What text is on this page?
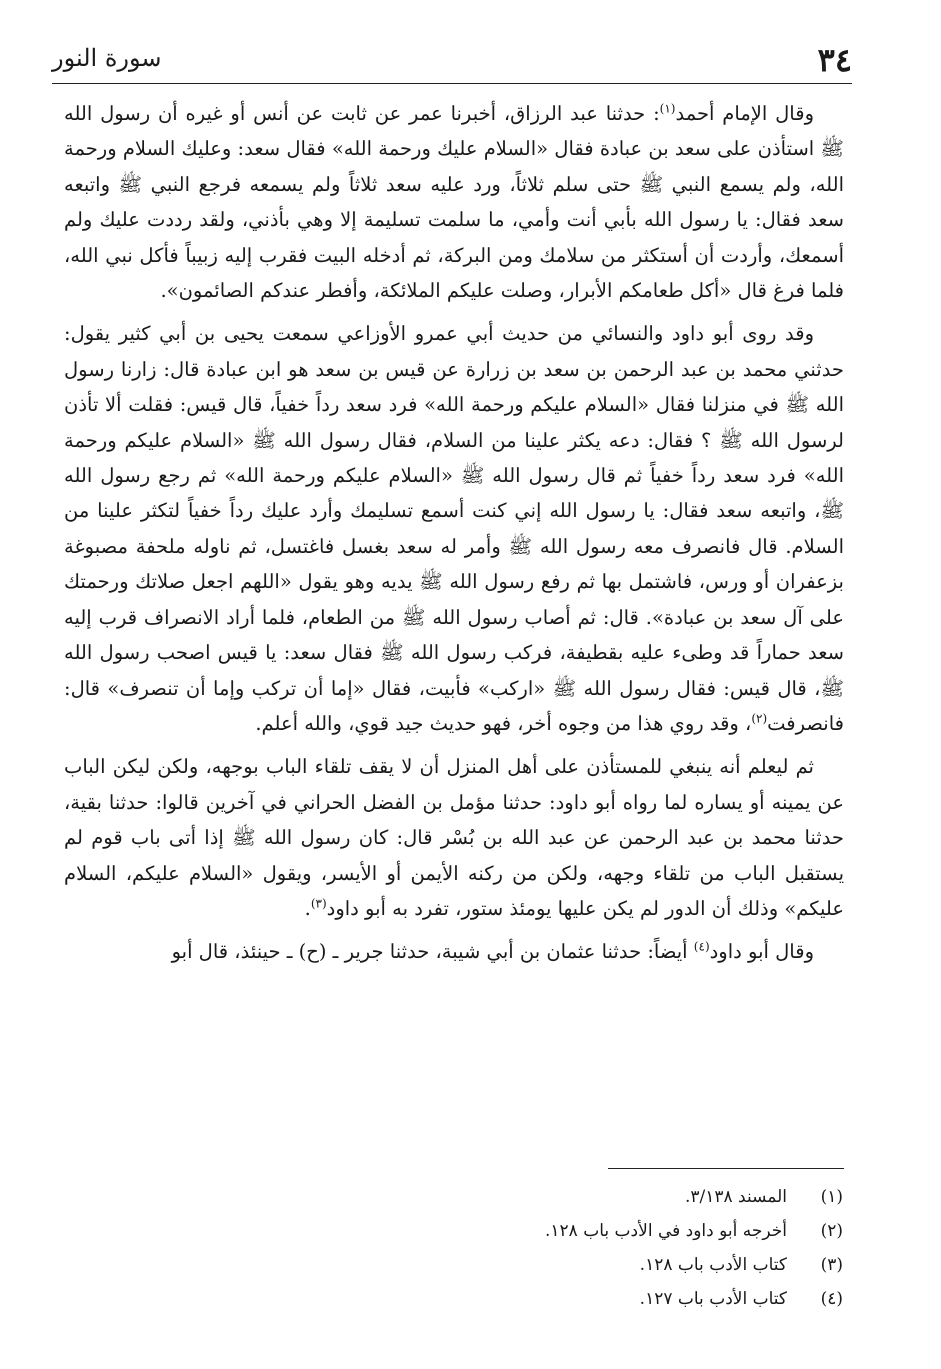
٣٤
سورة النور

وقال الإمام أحمد$^{(١)}$: حدثنا عبد الرزاق، أخبرنا عمر عن ثابت عن أنس أو غيره أن رسول الله ﷺ استأذن على سعد بن عبادة فقال «السلام عليك ورحمة الله» فقال سعد: وعليك السلام ورحمة الله، ولم يسمع النبي ﷺ حتى سلم ثلاثاً، ورد عليه سعد ثلاثاً ولم يسمعه فرجع النبي ﷺ واتبعه سعد فقال: يا رسول الله بأبي أنت وأمي، ما سلمت تسليمة إلا وهي بأذني، ولقد رددت عليك ولم أسمعك، وأردت أن أستكثر من سلامك ومن البركة، ثم أدخله البيت فقرب إليه زبيباً فأكل نبي الله، فلما فرغ قال «أكل طعامكم الأبرار، وصلت عليكم الملائكة، وأفطر عندكم الصائمون».

وقد روى أبو داود والنسائي من حديث أبي عمرو الأوزاعي سمعت يحيى بن أبي كثير يقول: حدثني محمد بن عبد الرحمن بن سعد بن زرارة عن قيس بن سعد هو ابن عبادة قال: زارنا رسول الله ﷺ في منزلنا فقال «السلام عليكم ورحمة الله» فرد سعد رداً خفياً، قال قيس: فقلت ألا تأذن لرسول الله ﷺ ؟ فقال: دعه يكثر علينا من السلام، فقال رسول الله ﷺ «السلام عليكم ورحمة الله» فرد سعد رداً خفياً ثم قال رسول الله ﷺ «السلام عليكم ورحمة الله» ثم رجع رسول الله ﷺ، واتبعه سعد فقال: يا رسول الله إني كنت أسمع تسليمك وأرد عليك رداً خفياً لتكثر علينا من السلام. قال فانصرف معه رسول الله ﷺ وأمر له سعد بغسل فاغتسل، ثم ناوله ملحفة مصبوغة بزعفران أو ورس، فاشتمل بها ثم رفع رسول الله ﷺ يديه وهو يقول «اللهم اجعل صلاتك ورحمتك على آل سعد بن عبادة». قال: ثم أصاب رسول الله ﷺ من الطعام، فلما أراد الانصراف قرب إليه سعد حماراً قد وطىء عليه بقطيفة، فركب رسول الله ﷺ فقال سعد: يا قيس اصحب رسول الله ﷺ، قال قيس: فقال رسول الله ﷺ «اركب» فأبيت، فقال «إما أن تركب وإما أن تنصرف» قال: فانصرفت$^{(٢)}$، وقد روي هذا من وجوه أخر، فهو حديث جيد قوي، والله أعلم.

ثم ليعلم أنه ينبغي للمستأذن على أهل المنزل أن لا يقف تلقاء الباب بوجهه، ولكن ليكن الباب عن يمينه أو يساره لما رواه أبو داود: حدثنا مؤمل بن الفضل الحراني في آخرين قالوا: حدثنا بقية، حدثنا محمد بن عبد الرحمن عن عبد الله بن بُسْر قال: كان رسول الله ﷺ إذا أتى باب قوم لم يستقبل الباب من تلقاء وجهه، ولكن من ركنه الأيمن أو الأيسر، ويقول «السلام عليكم، السلام عليكم» وذلك أن الدور لم يكن عليها يومئذ ستور، تفرد به أبو داود$^{(٣)}$.

وقال أبو داود$^{(٤)}$ أيضاً: حدثنا عثمان بن أبي شيبة، حدثنا جرير ـ (ح) ـ حينئذ، قال أبو

(١)
المسند ٣/١٣٨.
(٢)
أخرجه أبو داود في الأدب باب ١٢٨.
(٣)
كتاب الأدب باب ١٢٨.
(٤)
كتاب الأدب باب ١٢٧.
